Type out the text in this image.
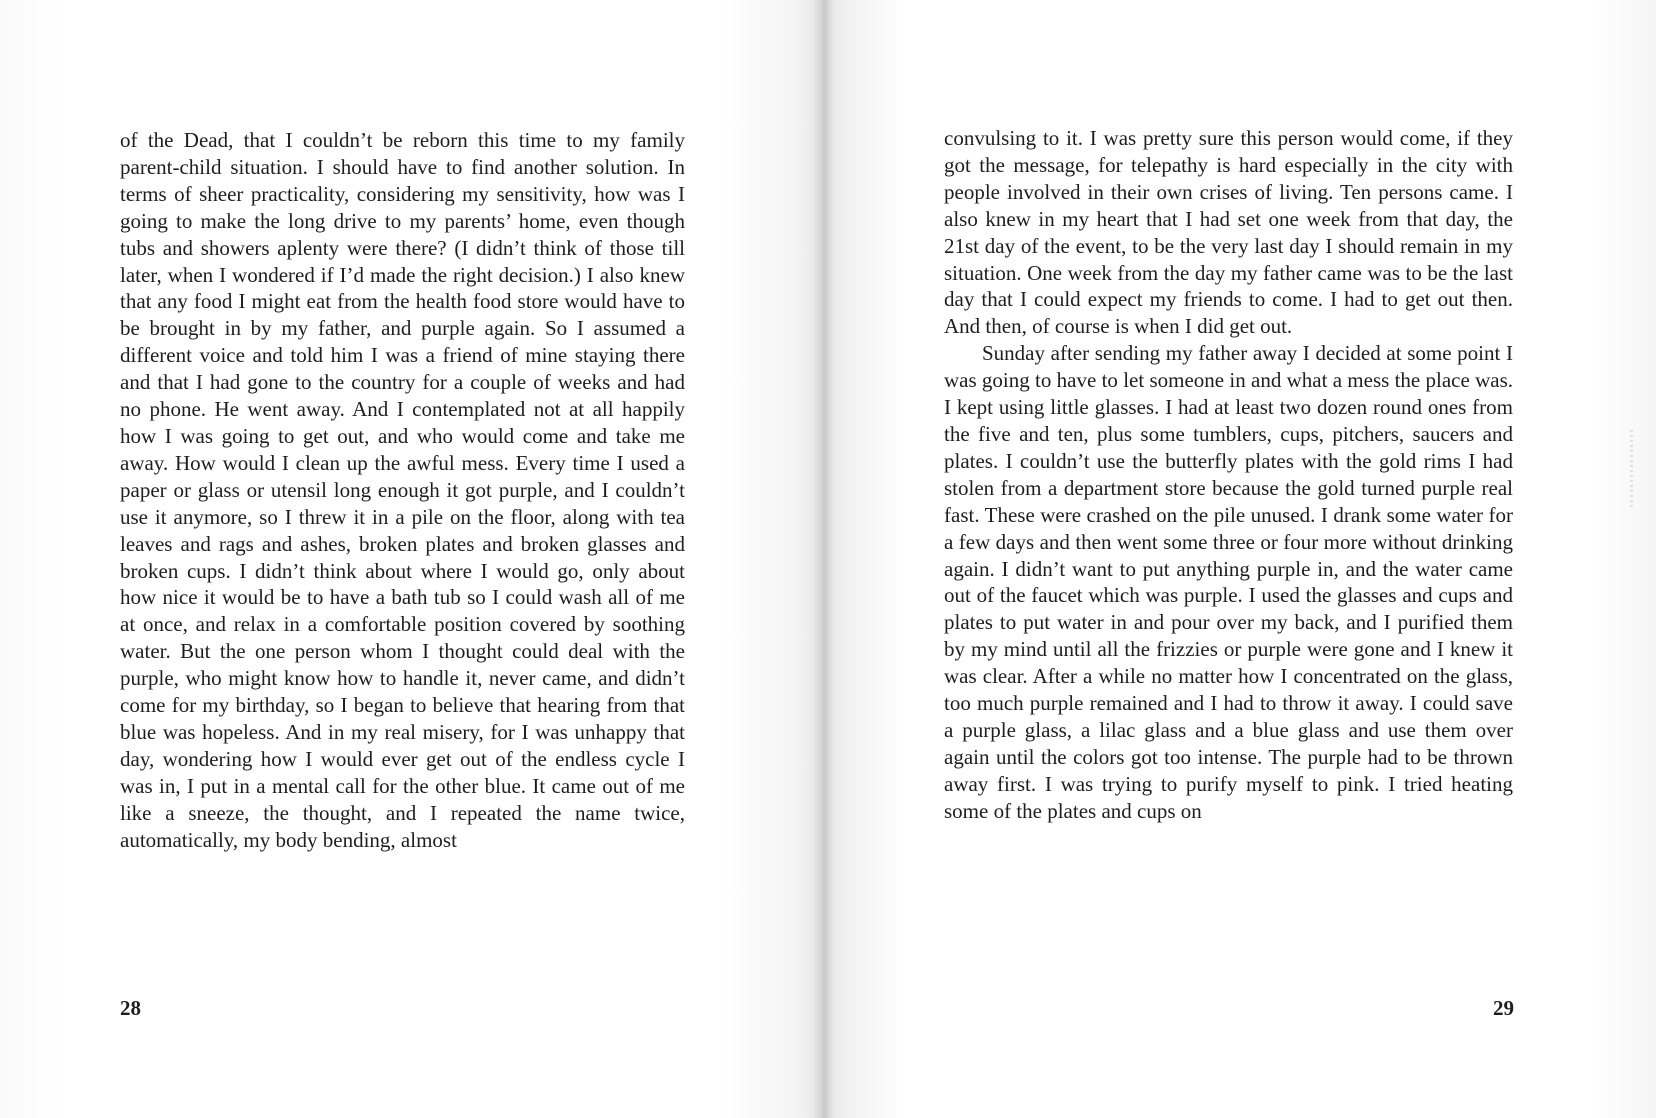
of the Dead, that I couldn’t be reborn this time to my family parent-child situation. I should have to find another solution. In terms of sheer practicality, considering my sensitivity, how was I going to make the long drive to my parents’ home, even though tubs and showers aplenty were there? (I didn’t think of those till later, when I wondered if I’d made the right decision.) I also knew that any food I might eat from the health food store would have to be brought in by my father, and purple again. So I assumed a different voice and told him I was a friend of mine staying there and that I had gone to the country for a couple of weeks and had no phone. He went away. And I contemplated not at all happily how I was going to get out, and who would come and take me away. How would I clean up the awful mess. Every time I used a paper or glass or utensil long enough it got purple, and I couldn’t use it anymore, so I threw it in a pile on the floor, along with tea leaves and rags and ashes, broken plates and broken glasses and broken cups. I didn’t think about where I would go, only about how nice it would be to have a bath tub so I could wash all of me at once, and relax in a comfortable position covered by soothing water. But the one person whom I thought could deal with the purple, who might know how to handle it, never came, and didn’t come for my birthday, so I began to believe that hearing from that blue was hopeless. And in my real misery, for I was unhappy that day, wondering how I would ever get out of the endless cycle I was in, I put in a mental call for the other blue. It came out of me like a sneeze, the thought, and I repeated the name twice, automatically, my body bending, almost

28

convulsing to it. I was pretty sure this person would come, if they got the message, for telepathy is hard especially in the city with people involved in their own crises of living. Ten persons came. I also knew in my heart that I had set one week from that day, the 21st day of the event, to be the very last day I should remain in my situation. One week from the day my father came was to be the last day that I could expect my friends to come. I had to get out then. And then, of course is when I did get out.

Sunday after sending my father away I decided at some point I was going to have to let someone in and what a mess the place was. I kept using little glasses. I had at least two dozen round ones from the five and ten, plus some tumblers, cups, pitchers, saucers and plates. I couldn’t use the butterfly plates with the gold rims I had stolen from a department store because the gold turned purple real fast. These were crashed on the pile unused. I drank some water for a few days and then went some three or four more without drinking again. I didn’t want to put anything purple in, and the water came out of the faucet which was purple. I used the glasses and cups and plates to put water in and pour over my back, and I purified them by my mind until all the frizzies or purple were gone and I knew it was clear. After a while no matter how I concentrated on the glass, too much purple remained and I had to throw it away. I could save a purple glass, a lilac glass and a blue glass and use them over again until the colors got too intense. The purple had to be thrown away first. I was trying to purify myself to pink. I tried heating some of the plates and cups on

29
